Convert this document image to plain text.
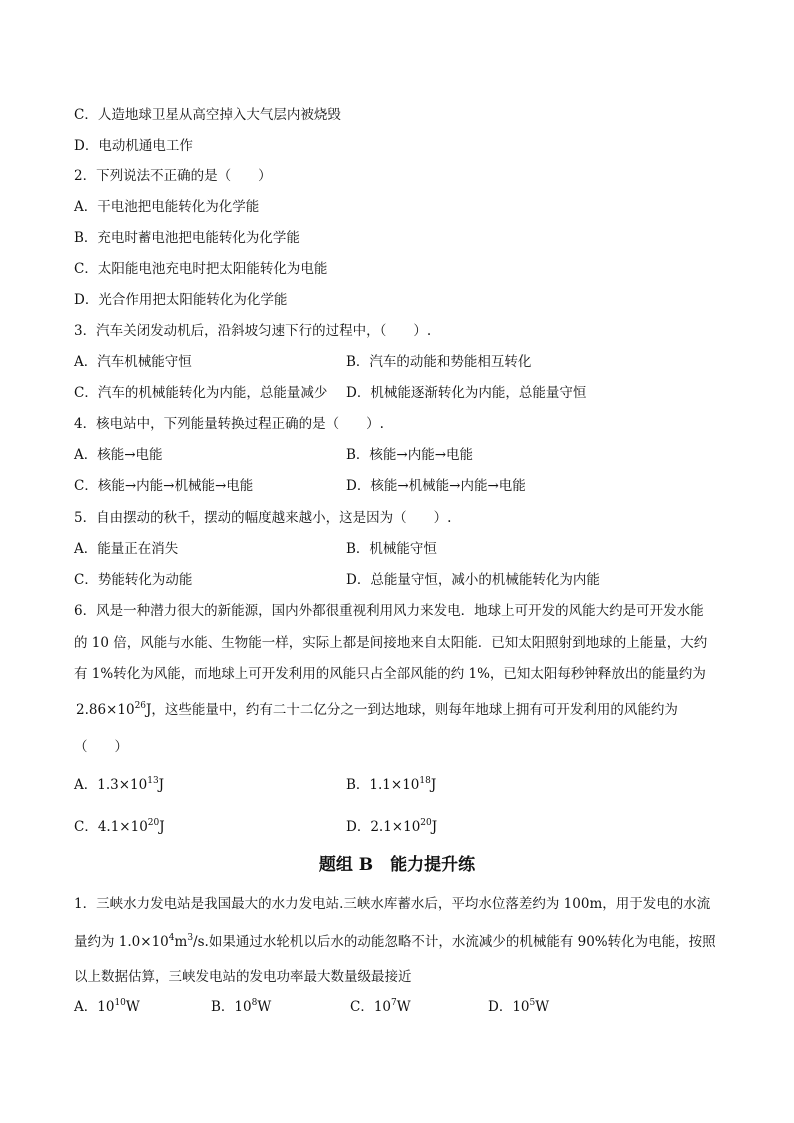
C．人造地球卫星从高空掉入大气层内被烧毁
D．电动机通电工作
2．下列说法不正确的是（　　）
A．干电池把电能转化为化学能
B．充电时蓄电池把电能转化为化学能
C．太阳能电池充电时把太阳能转化为电能
D．光合作用把太阳能转化为化学能
3．汽车关闭发动机后，沿斜坡匀速下行的过程中，（　　）.
A．汽车机械能守恒	B．汽车的动能和势能相互转化
C．汽车的机械能转化为内能，总能量减少 D．机械能逐渐转化为内能，总能量守恒
4．核电站中，下列能量转换过程正确的是（　　）.
A．核能→电能	B．核能→内能→电能
C．核能→内能→机械能→电能	D．核能→机械能→内能→电能
5．自由摆动的秋千，摆动的幅度越来越小，这是因为（　　）.
A．能量正在消失	B．机械能守恒
C．势能转化为动能	D．总能量守恒，减小的机械能转化为内能
6．风是一种潜力很大的新能源，国内外都很重视利用风力来发电．地球上可开发的风能大约是可开发水能
的 10 倍，风能与水能、生物能一样，实际上都是间接地来自太阳能．已知太阳照射到地球的上能量，大约
有 1%转化为风能，而地球上可开发利用的风能只占全部风能的约 1%，已知太阳每秒钟释放出的能量约为
$2.86\times 10^{26}J$，这些能量中，约有二十二亿分之一到达地球，则每年地球上拥有可开发利用的风能约为
（　　）
A．$1.3\times 10^{13}J$	B．$1.1\times 10^{18}J$
C．$4.1\times 10^{20}J$	D．$2.1\times 10^{20}J$
题组 B　能力提升练
1．三峡水力发电站是我国最大的水力发电站.三峡水库蓄水后，平均水位落差约为 100m，用于发电的水流
量约为 $1.0\times 10^4m^3/s$.如果通过水轮机以后水的动能忽略不计，水流减少的机械能有 90%转化为电能，按照
以上数据估算，三峡发电站的发电功率最大数量级最接近
A．$10^{10}W$	B．$10^8W$	C．$10^7W$	D．$10^5W$
